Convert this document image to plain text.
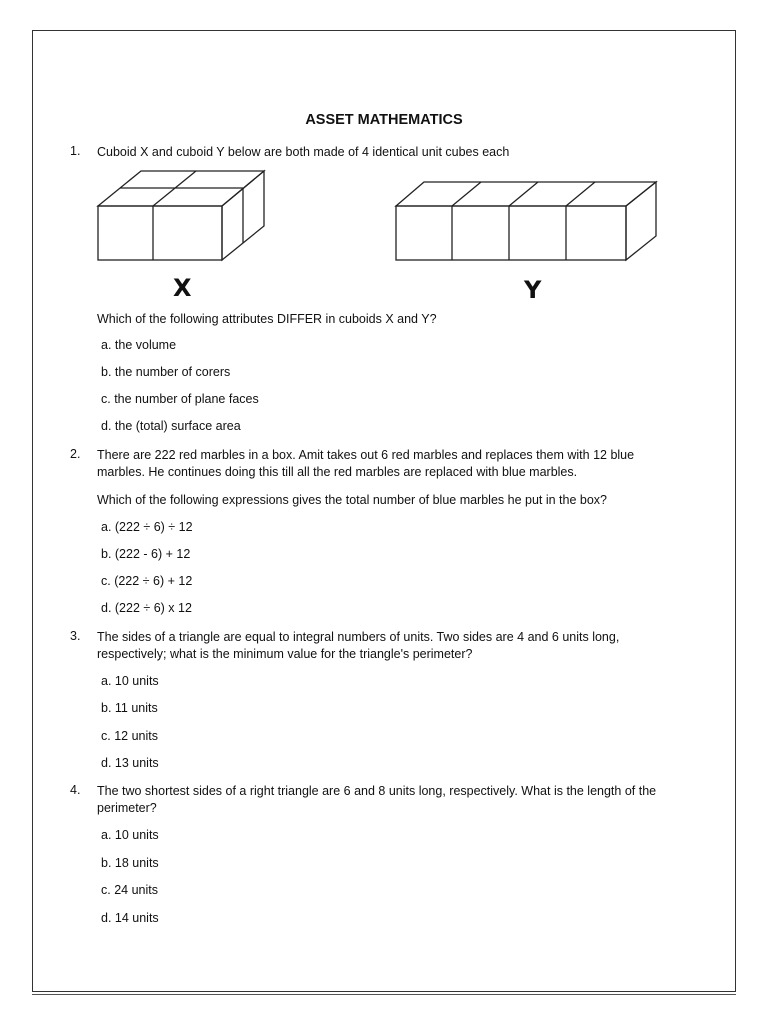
ASSET MATHEMATICS
1. Cuboid X and cuboid Y below are both made of 4 identical unit cubes each
X	Y
Which of the following attributes DIFFER in cuboids X and Y?
a. the volume
b. the number of corers
c. the number of plane faces
d. the (total) surface area
2. There are 222 red marbles in a box. Amit takes out 6 red marbles and replaces them with 12 blue
marbles. He continues doing this till all the red marbles are replaced with blue marbles.
Which of the following expressions gives the total number of blue marbles he put in the box?
a. (222 ÷ 6) ÷ 12
b. (222 - 6) + 12
c. (222 ÷ 6) + 12
d. (222 ÷ 6) x 12
3. The sides of a triangle are equal to integral numbers of units. Two sides are 4 and 6 units long,
respectively; what is the minimum value for the triangle's perimeter?
a. 10 units
b. 11 units
c. 12 units
d. 13 units
4. The two shortest sides of a right triangle are 6 and 8 units long, respectively. What is the length of the
perimeter?
a. 10 units
b. 18 units
c. 24 units
d. 14 units
